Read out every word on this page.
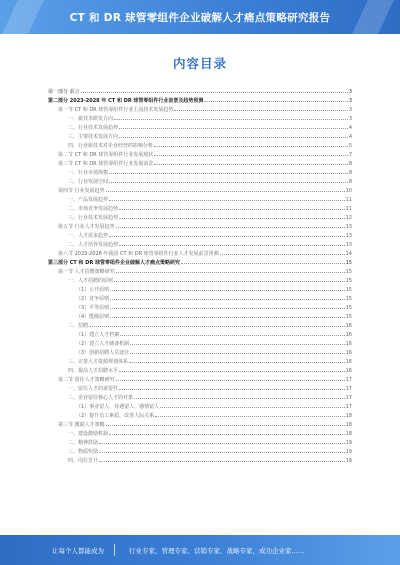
CT 和 DR 球管零组件企业破解人才痛点策略研究报告
内容目录
第一部分 前言	3
第二部分 2023-2028 年 CT 和 DR 球管零组件行业前景及趋势预测	3
第一节 CT 和 DR 球管零组件行业主流技术发展趋势	3
一、新技术研发方向	3
二、行业技术发展趋势	4
三、主要技术发展方向	4
四、行业新技术对企业经营的影响分析	5
第二节 CT 和 DR 球管零组件行业发展现状	7
第三节 CT 和 DR 球管零组件行业发展前景	8
一、行业市场规模	8
二、行业发展空间	8
第四节 行业发展趋势	10
一、产品发展趋势	11
二、市场竞争发展趋势	11
三、行业技术发展趋势	12
第五节 行业人才发展趋势	13
一、人才需求趋势	13
二、人才培养发展趋势	13
第六节 2023-2028 年我国 CT 和 DR 球管零组件行业人才发展前景预测	14
第三部分 CT 和 DR 球管零组件企业破解人才痛点策略研究	15
第一节 人才招聘策略研究	15
一、人才招聘的原则	15
（1）公开原则	15
（2）竞争原则	15
（3）平等原则	15
（4）能级原则	15
二、招聘	16
（1）建立人才档案	16
（2）建立人才储备机制	16
（3）创新招聘人员途径	16
三、完善人才资源规划体系	16
四、提高人才招聘水平	16
第二节 留住人才策略研究	17
一、留住人才的重要性	17
二、企业留住核心人才的对策	17
（1）事业留人、待遇留人、感情留人	17
（2）提升员工素质，改善人际关系	18
第三节 激励人才策略	18
一、建设激励机制	18
二、精神鼓励	19
三、物质奖励	19
四、岗位晋升	19
让每个人都能成为	行业专家、管理专家、营销专家、战略专家、成功企业家……
